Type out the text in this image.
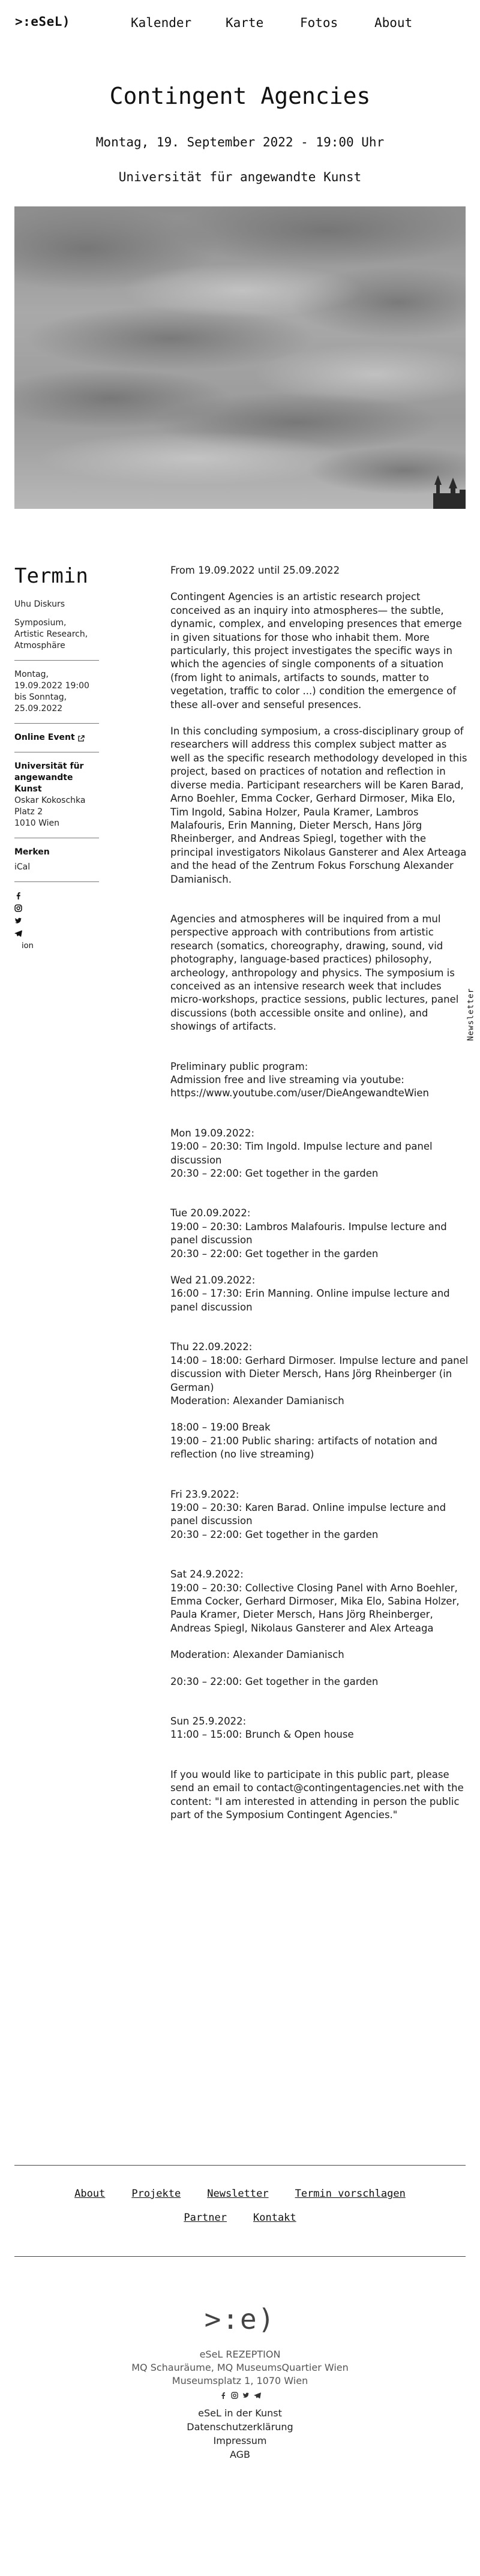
>:eSeL)	Kalender	Karte	Fotos	About
Contingent Agencies
Montag, 19. September 2022 - 19:00 Uhr
Universität für angewandte Kunst
Termin
Uhu Diskurs
Symposium,
Artistic Research,
Atmosphäre
Montag,
19.09.2022 19:00
bis Sonntag,
25.09.2022
Online Event
Universität für
angewandte Kunst
Oskar Kokoschka
Platz 2
1010 Wien
Merken
iCal
ion

From 19.09.2022 until 25.09.2022

Contingent Agencies is an artistic research project conceived as an inquiry into atmospheres— the subtle, dynamic, complex, and enveloping presences that emerge in given situations for those who inhabit them. More particularly, this project investigates the specific ways in which the agencies of single components of a situation (from light to animals, artifacts to sounds, matter to vegetation, traffic to color ...) condition the emergence of these all-over and senseful presences.

In this concluding symposium, a cross-disciplinary group of researchers will address this complex subject matter as well as the specific research methodology developed in this project, based on practices of notation and reflection in diverse media. Participant researchers will be Karen Barad, Arno Boehler, Emma Cocker, Gerhard Dirmoser, Mika Elo, Tim Ingold, Sabina Holzer, Paula Kramer, Lambros Malafouris, Erin Manning, Dieter Mersch, Hans Jörg Rheinberger, and Andreas Spiegl, together with the principal investigators Nikolaus Gansterer and Alex Arteaga and the head of the Zentrum Fokus Forschung Alexander Damianisch.

Agencies and atmospheres will be inquired from a mul perspective approach with contributions from artistic research (somatics, choreography, drawing, sound, vid photography, language-based practices) philosophy, archeology, anthropology and physics. The symposium is conceived as an intensive research week that includes micro-workshops, practice sessions, public lectures, panel discussions (both accessible onsite and online), and showings of artifacts.

Preliminary public program:
Admission free and live streaming via youtube:
https://www.youtube.com/user/DieAngewandteWien

Mon 19.09.2022:
19:00 – 20:30: Tim Ingold. Impulse lecture and panel discussion
20:30 – 22:00: Get together in the garden

Tue 20.09.2022:
19:00 – 20:30: Lambros Malafouris. Impulse lecture and panel discussion
20:30 – 22:00: Get together in the garden

Wed 21.09.2022:
16:00 – 17:30: Erin Manning. Online impulse lecture and panel discussion

Thu 22.09.2022:
14:00 – 18:00: Gerhard Dirmoser. Impulse lecture and panel discussion with Dieter Mersch, Hans Jörg Rheinberger (in German)
Moderation: Alexander Damianisch

18:00 – 19:00 Break
19:00 – 21:00 Public sharing: artifacts of notation and reflection (no live streaming)

Fri 23.9.2022:
19:00 – 20:30: Karen Barad. Online impulse lecture and panel discussion
20:30 – 22:00: Get together in the garden

Sat 24.9.2022:
19:00 – 20:30: Collective Closing Panel with Arno Boehler, Emma Cocker, Gerhard Dirmoser, Mika Elo, Sabina Holzer, Paula Kramer, Dieter Mersch, Hans Jörg Rheinberger, Andreas Spiegl, Nikolaus Gansterer and Alex Arteaga

Moderation: Alexander Damianisch

20:30 – 22:00: Get together in the garden

Sun 25.9.2022:
11:00 – 15:00: Brunch & Open house

If you would like to participate in this public part, please send an email to contact@contingentagencies.net with the content: "I am interested in attending in person the public part of the Symposium Contingent Agencies."

Newsletter
About	Projekte	Newsletter	Termin vorschlagen
Partner	Kontakt
>:e)
eSeL REZEPTION
MQ Schauräume, MQ MuseumsQuartier Wien
Museumsplatz 1, 1070 Wien
eSeL in der Kunst
Datenschutzerklärung
Impressum
AGB
